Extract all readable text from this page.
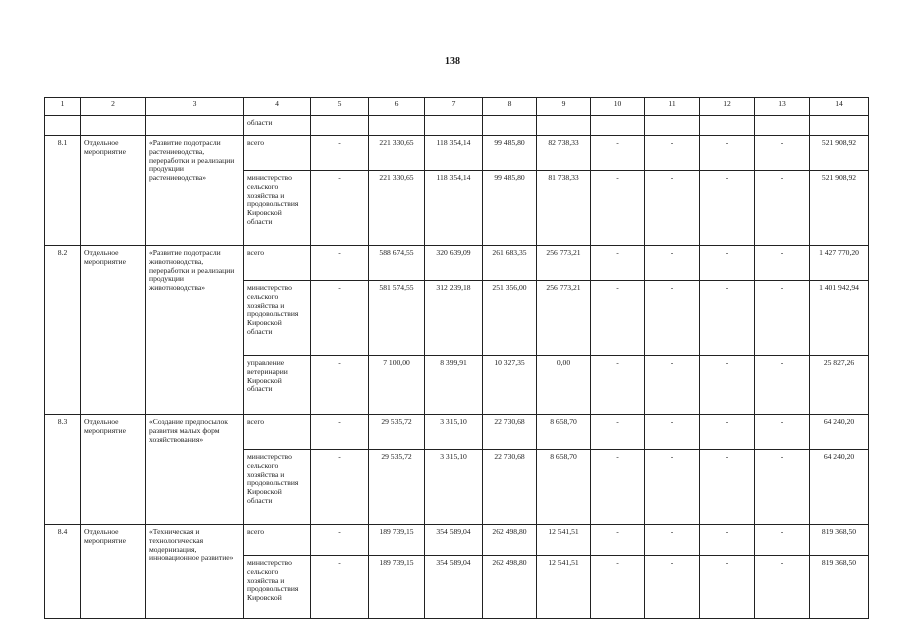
138
1	2	3	4	5	6	7	8	9	10	11	12	13	14
			области										
8.1	Отдельное мероприятие	«Развитие подотрасли растениеводства, переработки и реализации продукции растениеводства»	всего	-	221 330,65	118 354,14	99 485,80	82 738,33	-	-	-	-	521 908,92
			министерство сельского хозяйства и продовольствия Кировской области	-	221 330,65	118 354,14	99 485,80	81 738,33	-	-	-	-	521 908,92
8.2	Отдельное мероприятие	«Развитие подотрасли животноводства, переработки и реализации продукции животноводства»	всего	-	588 674,55	320 639,09	261 683,35	256 773,21	-	-	-	-	1 427 770,20
			министерство сельского хозяйства и продовольствия Кировской области	-	581 574,55	312 239,18	251 356,00	256 773,21	-	-	-	-	1 401 942,94
			управление ветеринарии Кировской области	-	7 100,00	8 399,91	10 327,35	0,00	-	-	-	-	25 827,26
8.3	Отдельное мероприятие	«Создание предпосылок развития малых форм хозяйствования»	всего	-	29 535,72	3 315,10	22 730,68	8 658,70	-	-	-	-	64 240,20
			министерство сельского хозяйства и продовольствия Кировской области	-	29 535,72	3 315,10	22 730,68	8 658,70	-	-	-	-	64 240,20
8.4	Отдельное мероприятие	«Техническая и технологическая модернизация, инновационное развитие»	всего	-	189 739,15	354 589,04	262 498,80	12 541,51	-	-	-	-	819 368,50
			министерство сельского хозяйства и продовольствия Кировской	-	189 739,15	354 589,04	262 498,80	12 541,51	-	-	-	-	819 368,50
